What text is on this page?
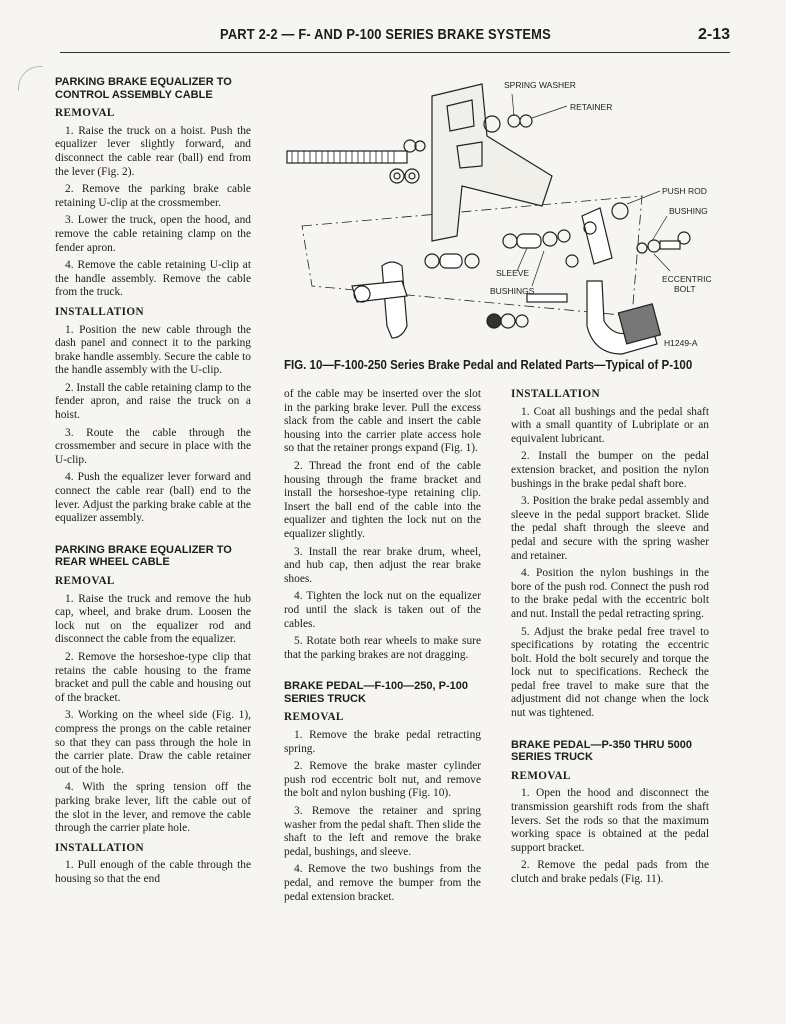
PART 2-2 — F- AND P-100 SERIES BRAKE SYSTEMS	2-13
PARKING BRAKE EQUALIZER TO CONTROL ASSEMBLY CABLE
REMOVAL

1. Raise the truck on a hoist. Push the equalizer lever slightly forward, and disconnect the cable rear (ball) end from the lever (Fig. 2).

2. Remove the parking brake cable retaining U-clip at the crossmember.

3. Lower the truck, open the hood, and remove the cable retaining clamp on the fender apron.

4. Remove the cable retaining U-clip at the handle assembly. Remove the cable from the truck.

INSTALLATION

1. Position the new cable through the dash panel and connect it to the parking brake handle assembly. Secure the cable to the handle assembly with the U-clip.

2. Install the cable retaining clamp to the fender apron, and raise the truck on a hoist.

3. Route the cable through the crossmember and secure in place with the U-clip.

4. Push the equalizer lever forward and connect the cable rear (ball) end to the lever. Adjust the parking brake cable at the equalizer assembly.

PARKING BRAKE EQUALIZER TO REAR WHEEL CABLE
REMOVAL

1. Raise the truck and remove the hub cap, wheel, and brake drum. Loosen the lock nut on the equalizer rod and disconnect the cable from the equalizer.

2. Remove the horseshoe-type clip that retains the cable housing to the frame bracket and pull the cable and housing out of the bracket.

3. Working on the wheel side (Fig. 1), compress the prongs on the cable retainer so that they can pass through the hole in the carrier plate. Draw the cable retainer out of the hole.

4. With the spring tension off the parking brake lever, lift the cable out of the slot in the lever, and remove the cable through the carrier plate hole.

INSTALLATION

1. Pull enough of the cable through the housing so that the end

SPRING WASHER
RETAINER
PUSH ROD
BUSHING
SLEEVE
BUSHINGS
ECCENTRIC
BOLT
H1249-A
FIG. 10—F-100-250 Series Brake Pedal and Related Parts—Typical of P-100

of the cable may be inserted over the slot in the parking brake lever. Pull the excess slack from the cable and insert the cable housing into the carrier plate access hole so that the retainer prongs expand (Fig. 1).

2. Thread the front end of the cable housing through the frame bracket and install the horseshoe-type retaining clip. Insert the ball end of the cable into the equalizer and tighten the lock nut on the equalizer slightly.

3. Install the rear brake drum, wheel, and hub cap, then adjust the rear brake shoes.

4. Tighten the lock nut on the equalizer rod until the slack is taken out of the cables.

5. Rotate both rear wheels to make sure that the parking brakes are not dragging.

BRAKE PEDAL—F-100—250, P-100 SERIES TRUCK
REMOVAL

1. Remove the brake pedal retracting spring.

2. Remove the brake master cylinder push rod eccentric bolt nut, and remove the bolt and nylon bushing (Fig. 10).

3. Remove the retainer and spring washer from the pedal shaft. Then slide the shaft to the left and remove the brake pedal, bushings, and sleeve.

4. Remove the two bushings from the pedal, and remove the bumper from the pedal extension bracket.

INSTALLATION

1. Coat all bushings and the pedal shaft with a small quantity of Lubriplate or an equivalent lubricant.

2. Install the bumper on the pedal extension bracket, and position the nylon bushings in the brake pedal shaft bore.

3. Position the brake pedal assembly and sleeve in the pedal support bracket. Slide the pedal shaft through the sleeve and pedal and secure with the spring washer and retainer.

4. Position the nylon bushings in the bore of the push rod. Connect the push rod to the brake pedal with the eccentric bolt and nut. Install the pedal retracting spring.

5. Adjust the brake pedal free travel to specifications by rotating the eccentric bolt. Hold the bolt securely and torque the lock nut to specifications. Recheck the pedal free travel to make sure that the adjustment did not change when the lock nut was tightened.

BRAKE PEDAL—P-350 THRU 5000 SERIES TRUCK
REMOVAL

1. Open the hood and disconnect the transmission gearshift rods from the shaft levers. Set the rods so that the maximum working space is obtained at the pedal support bracket.

2. Remove the pedal pads from the clutch and brake pedals (Fig. 11).
